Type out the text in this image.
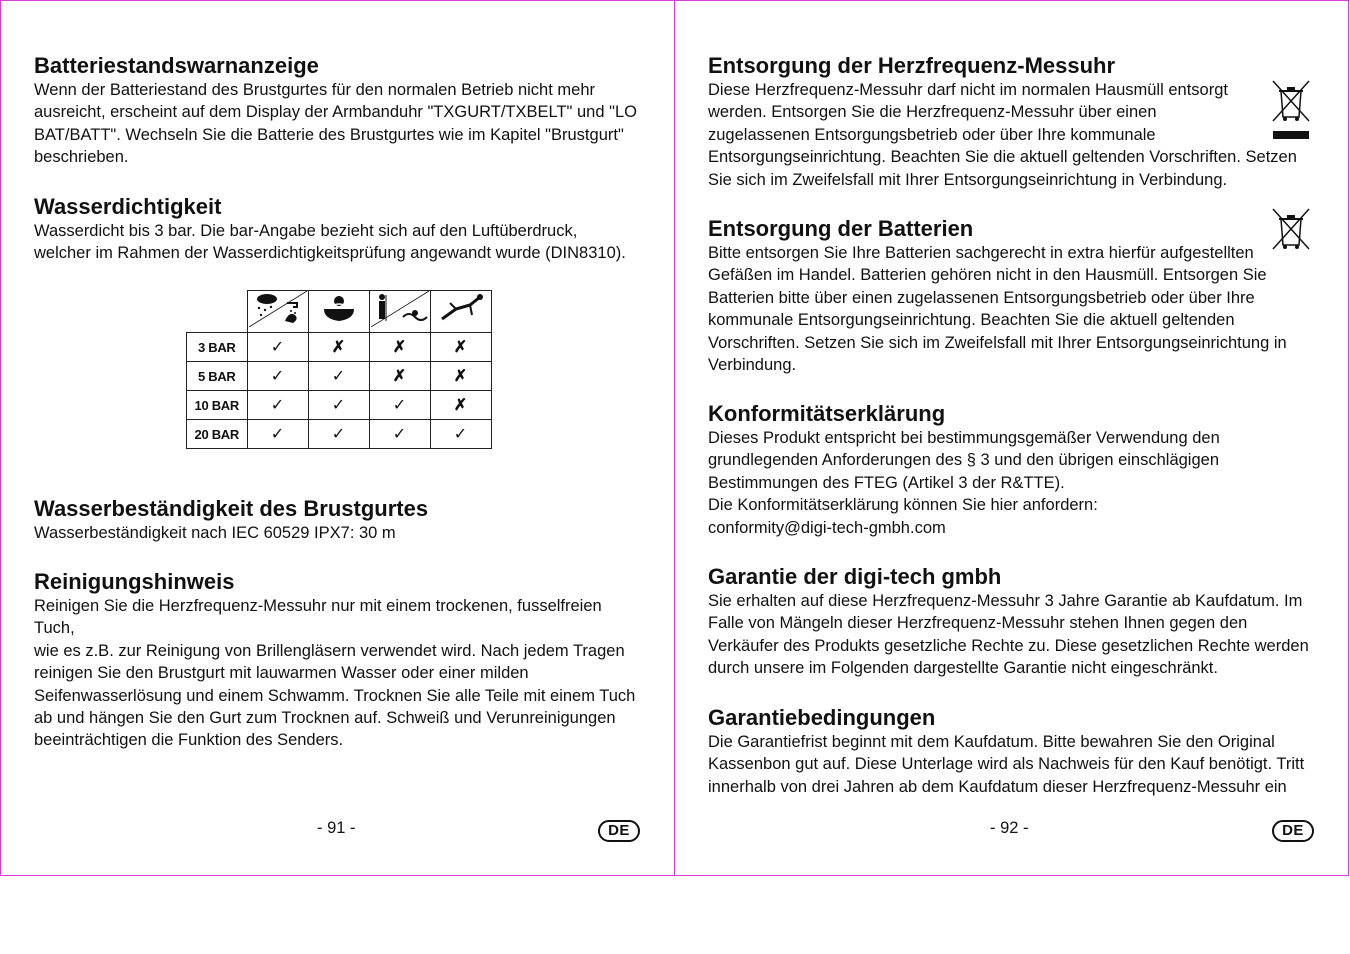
Batteriestandswarnanzeige

Wenn der Batteriestand des Brustgurtes für den normalen Betrieb nicht mehr

ausreicht, erscheint auf dem Display der Armbanduhr "TXGURT/TXBELT" und "LO

BAT/BATT". Wechseln Sie die Batterie des Brustgurtes wie im Kapitel "Brustgurt"

beschrieben.

Wasserdichtigkeit

Wasserdicht bis 3 bar. Die bar-Angabe bezieht sich auf den Luftüberdruck,

welcher im Rahmen der Wasserdichtigkeitsprüfung angewandt wurde (DIN8310).

3 BAR	✓	✗	✗	✗
5 BAR	✓	✓	✗	✗
10 BAR	✓	✓	✓	✗
20 BAR	✓	✓	✓	✓
Wasserbeständigkeit des Brustgurtes

Wasserbeständigkeit nach IEC 60529 IPX7: 30 m

Reinigungshinweis

Reinigen Sie die Herzfrequenz-Messuhr nur mit einem trockenen, fusselfreien Tuch,

wie es z.B. zur Reinigung von Brillengläsern verwendet wird. Nach jedem Tragen

reinigen Sie den Brustgurt mit lauwarmen Wasser oder einer milden

Seifenwasserlösung und einem Schwamm. Trocknen Sie alle Teile mit einem Tuch

ab und hängen Sie den Gurt zum Trocknen auf. Schweiß und Verunreinigungen

beeinträchtigen die Funktion des Senders.

- 91 -	DE
Entsorgung der Herzfrequenz-Messuhr

Diese Herzfrequenz-Messuhr darf nicht im normalen Hausmüll entsorgt

werden. Entsorgen Sie die Herzfrequenz-Messuhr über einen

zugelassenen Entsorgungsbetrieb oder über Ihre kommunale

Entsorgungseinrichtung. Beachten Sie die aktuell geltenden Vorschriften. Setzen

Sie sich im Zweifelsfall mit Ihrer Entsorgungseinrichtung in Verbindung.

Entsorgung der Batterien

Bitte entsorgen Sie Ihre Batterien sachgerecht in extra hierfür aufgestellten

Gefäßen im Handel. Batterien gehören nicht in den Hausmüll. Entsorgen Sie

Batterien bitte über einen zugelassenen Entsorgungsbetrieb oder über Ihre

kommunale Entsorgungseinrichtung. Beachten Sie die aktuell geltenden

Vorschriften. Setzen Sie sich im Zweifelsfall mit Ihrer Entsorgungseinrichtung in

Verbindung.

Konformitätserklärung

Dieses Produkt entspricht bei bestimmungsgemäßer Verwendung den

grundlegenden Anforderungen des § 3 und den übrigen einschlägigen

Bestimmungen des FTEG (Artikel 3 der R&TTE).

Die Konformitätserklärung können Sie hier anfordern:

conformity@digi-tech-gmbh.com

Garantie der digi-tech gmbh

Sie erhalten auf diese Herzfrequenz-Messuhr 3 Jahre Garantie ab Kaufdatum. Im

Falle von Mängeln dieser Herzfrequenz-Messuhr stehen Ihnen gegen den

Verkäufer des Produkts gesetzliche Rechte zu. Diese gesetzlichen Rechte werden

durch unsere im Folgenden dargestellte Garantie nicht eingeschränkt.

Garantiebedingungen

Die Garantiefrist beginnt mit dem Kaufdatum. Bitte bewahren Sie den Original

Kassenbon gut auf. Diese Unterlage wird als Nachweis für den Kauf benötigt. Tritt

innerhalb von drei Jahren ab dem Kaufdatum dieser Herzfrequenz-Messuhr ein

- 92 -	DE
